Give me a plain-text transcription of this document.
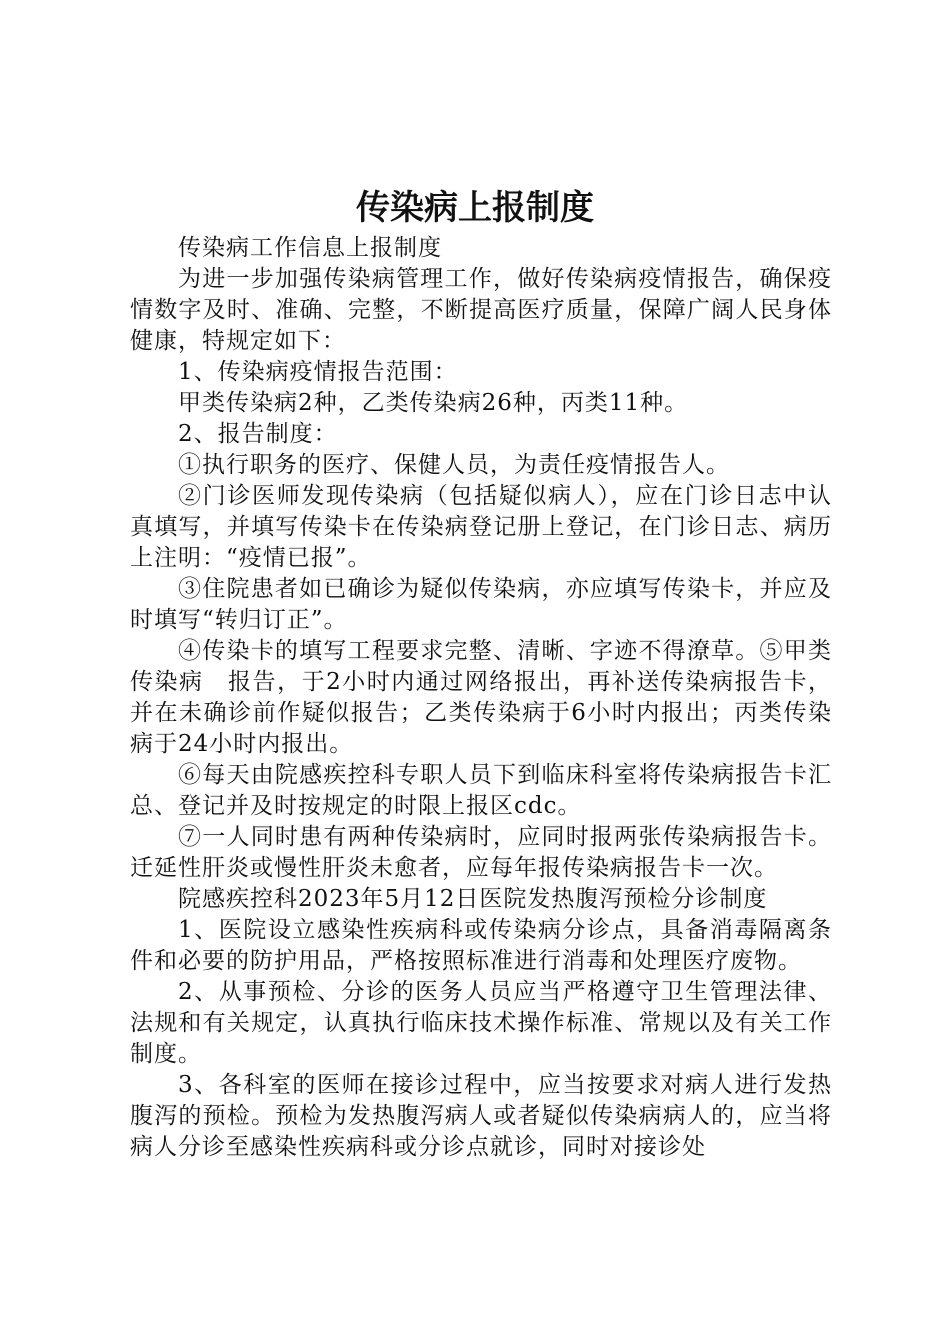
传染病上报制度

传染病工作信息上报制度

为进一步加强传染病管理工作，做好传染病疫情报告，确保疫情数字及时、准确、完整，不断提高医疗质量，保障广阔人民身体健康，特规定如下：

1、传染病疫情报告范围：

甲类传染病2种，乙类传染病26种，丙类11种。

2、报告制度：

①执行职务的医疗、保健人员，为责任疫情报告人。

②门诊医师发现传染病（包括疑似病人），应在门诊日志中认真填写，并填写传染卡在传染病登记册上登记，在门诊日志、病历上注明：“疫情已报”。

③住院患者如已确诊为疑似传染病，亦应填写传染卡，并应及时填写“转归订正”。

④传染卡的填写工程要求完整、清晰、字迹不得潦草。⑤甲类传染病　报告，于2小时内通过网络报出，再补送传染病报告卡，并在未确诊前作疑似报告；乙类传染病于6小时内报出；丙类传染病于24小时内报出。

⑥每天由院感疾控科专职人员下到临床科室将传染病报告卡汇总、登记并及时按规定的时限上报区cdc。

⑦一人同时患有两种传染病时，应同时报两张传染病报告卡。迁延性肝炎或慢性肝炎未愈者，应每年报传染病报告卡一次。

院感疾控科2023年5月12日医院发热腹泻预检分诊制度

1、医院设立感染性疾病科或传染病分诊点，具备消毒隔离条件和必要的防护用品，严格按照标准进行消毒和处理医疗废物。

2、从事预检、分诊的医务人员应当严格遵守卫生管理法律、法规和有关规定，认真执行临床技术操作标准、常规以及有关工作制度。

3、各科室的医师在接诊过程中，应当按要求对病人进行发热腹泻的预检。预检为发热腹泻病人或者疑似传染病病人的，应当将病人分诊至感染性疾病科或分诊点就诊，同时对接诊处
